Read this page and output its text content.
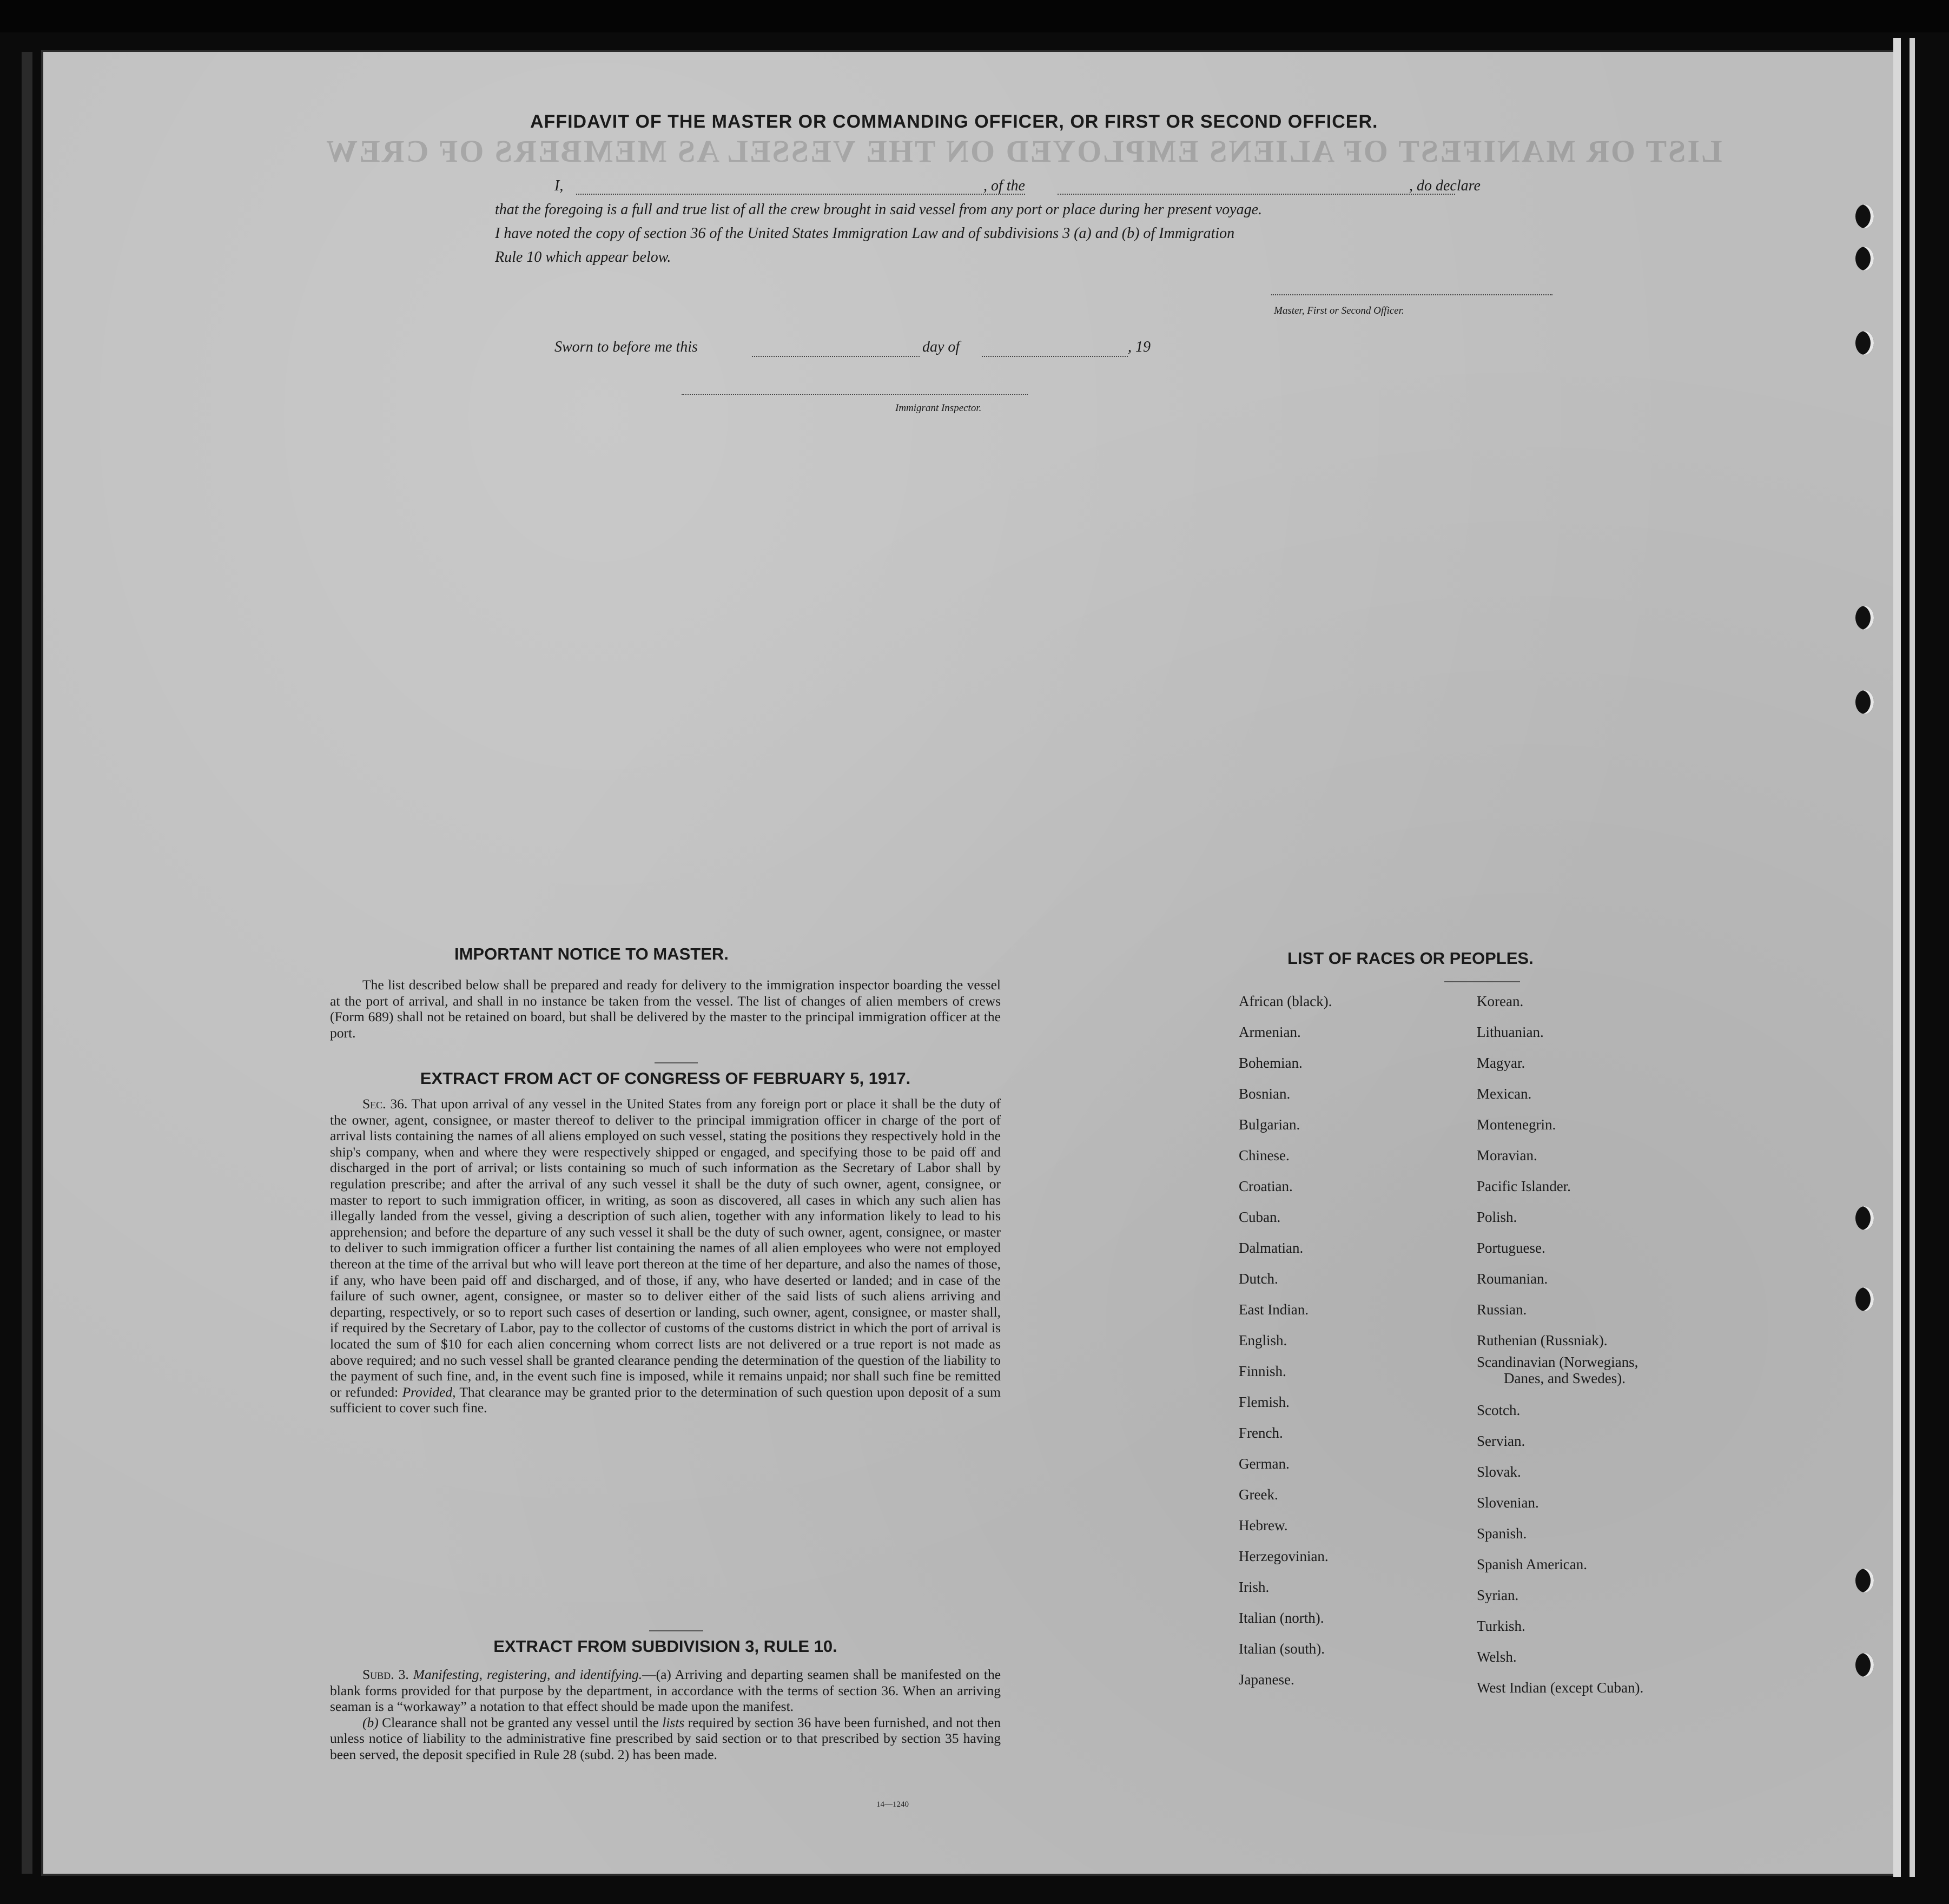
LIST OR MANIFEST OF ALIENS EMPLOYED ON THE VESSEL AS MEMBERS OF CREW
AFFIDAVIT OF THE MASTER OR COMMANDING OFFICER, OR FIRST OR SECOND OFFICER.
I,	, of the	, do declare
that the foregoing is a full and true list of all the crew brought in said vessel from any port or place during her present voyage.
I have noted the copy of section 36 of the United States Immigration Law and of subdivisions 3 (a) and (b) of Immigration
Rule 10 which appear below.
Master, First or Second Officer.
Sworn to before me this	day of	, 19
Immigrant Inspector.
IMPORTANT NOTICE TO MASTER.

The list described below shall be prepared and ready for delivery to the immigration inspector boarding the vessel at the port of arrival, and shall in no instance be taken from the vessel. The list of changes of alien members of crews (Form 689) shall not be retained on board, but shall be delivered by the master to the principal immigration officer at the port.

EXTRACT FROM ACT OF CONGRESS OF FEBRUARY 5, 1917.

Sec. 36. That upon arrival of any vessel in the United States from any foreign port or place it shall be the duty of the owner, agent, consignee, or master thereof to deliver to the principal immigration officer in charge of the port of arrival lists containing the names of all aliens employed on such vessel, stating the positions they respectively hold in the ship's company, when and where they were respectively shipped or engaged, and specifying those to be paid off and discharged in the port of arrival; or lists containing so much of such information as the Secretary of Labor shall by regulation prescribe; and after the arrival of any such vessel it shall be the duty of such owner, agent, consignee, or master to report to such immigration officer, in writing, as soon as discovered, all cases in which any such alien has illegally landed from the vessel, giving a description of such alien, together with any information likely to lead to his apprehension; and before the departure of any such vessel it shall be the duty of such owner, agent, consignee, or master to deliver to such immigration officer a further list containing the names of all alien employees who were not employed thereon at the time of the arrival but who will leave port thereon at the time of her departure, and also the names of those, if any, who have been paid off and discharged, and of those, if any, who have deserted or landed; and in case of the failure of such owner, agent, consignee, or master so to deliver either of the said lists of such aliens arriving and departing, respectively, or so to report such cases of desertion or landing, such owner, agent, consignee, or master shall, if required by the Secretary of Labor, pay to the collector of customs of the customs district in which the port of arrival is located the sum of $10 for each alien concerning whom correct lists are not delivered or a true report is not made as above required; and no such vessel shall be granted clearance pending the determination of the question of the liability to the payment of such fine, and, in the event such fine is imposed, while it remains unpaid; nor shall such fine be remitted or refunded: Provided, That clearance may be granted prior to the determination of such question upon deposit of a sum sufficient to cover such fine.

EXTRACT FROM SUBDIVISION 3, RULE 10.

Subd. 3. Manifesting, registering, and identifying.—(a) Arriving and departing seamen shall be manifested on the blank forms provided for that purpose by the department, in accordance with the terms of section 36. When an arriving seaman is a “workaway” a notation to that effect should be made upon the manifest.

(b) Clearance shall not be granted any vessel until the lists required by section 36 have been furnished, and not then unless notice of liability to the administrative fine prescribed by said section or to that prescribed by section 35 having been served, the deposit specified in Rule 28 (subd. 2) has been made.

14—1240
LIST OF RACES OR PEOPLES.
African (black).
Armenian.
Bohemian.
Bosnian.
Bulgarian.
Chinese.
Croatian.
Cuban.
Dalmatian.
Dutch.
East Indian.
English.
Finnish.
Flemish.
French.
German.
Greek.
Hebrew.
Herzegovinian.
Irish.
Italian (north).
Italian (south).
Japanese.
Korean.
Lithuanian.
Magyar.
Mexican.
Montenegrin.
Moravian.
Pacific Islander.
Polish.
Portuguese.
Roumanian.
Russian.
Ruthenian (Russniak).
Scandinavian (Norwegians,
Danes, and Swedes).
Scotch.
Servian.
Slovak.
Slovenian.
Spanish.
Spanish American.
Syrian.
Turkish.
Welsh.
West Indian (except Cuban).
